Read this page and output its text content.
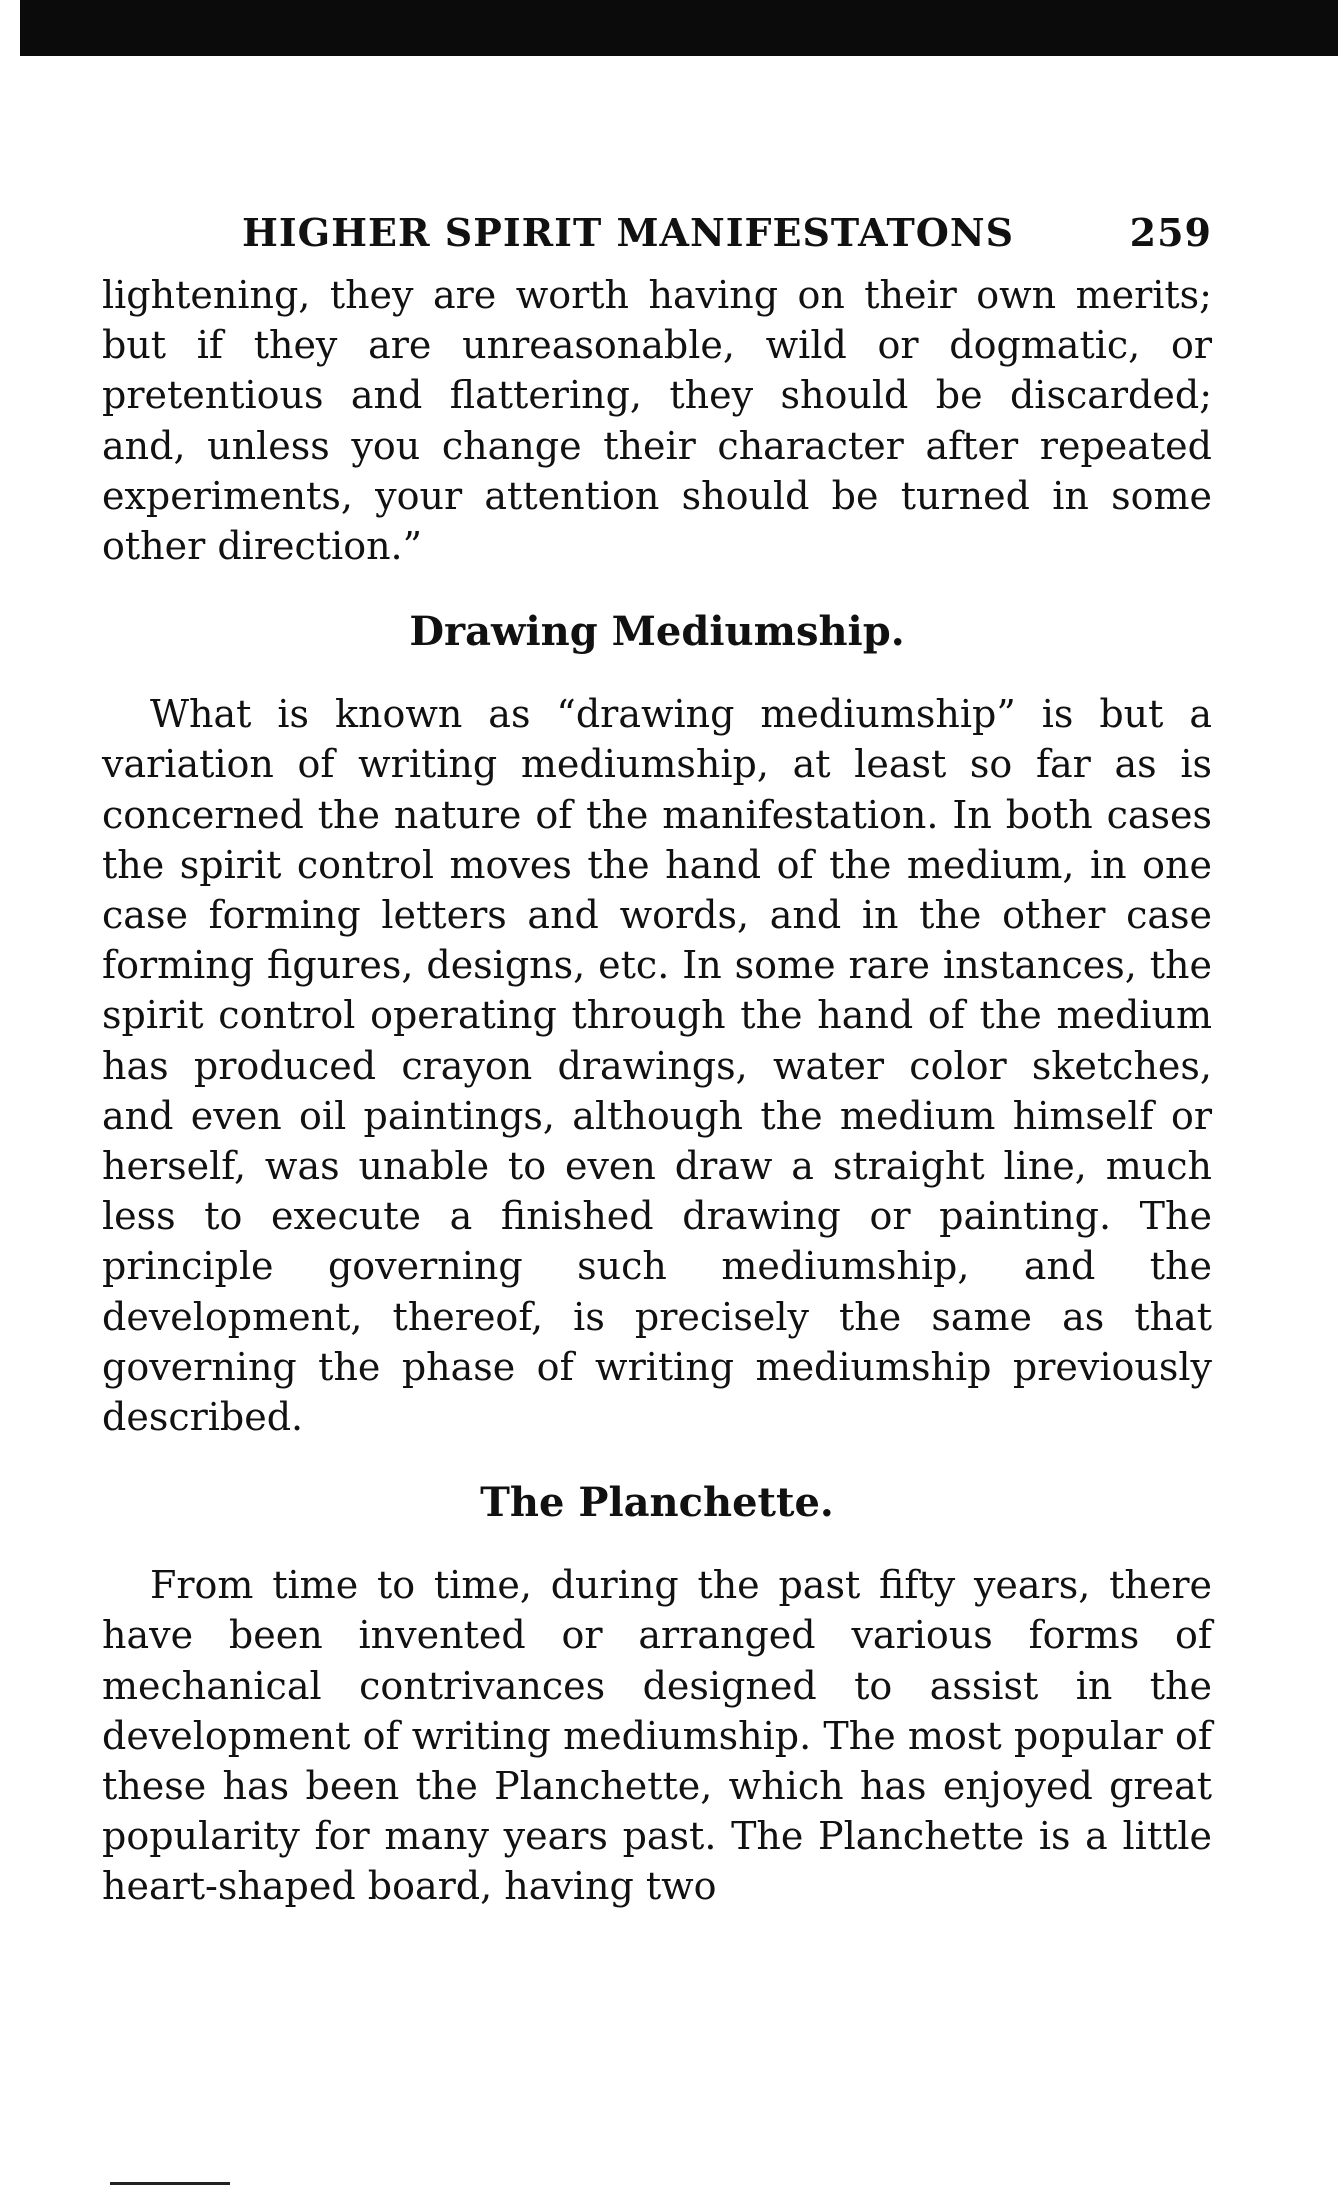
HIGHER SPIRIT MANIFESTATONS	259

lightening, they are worth having on their own merits; but if they are unreasonable, wild or dogmatic, or pretentious and flattering, they should be discarded; and, unless you change their character after repeated experiments, your attention should be turned in some other direction.”

Drawing Mediumship.

What is known as “drawing mediumship” is but a variation of writing mediumship, at least so far as is concerned the nature of the manifestation. In both cases the spirit control moves the hand of the medium, in one case forming letters and words, and in the other case forming figures, designs, etc. In some rare instances, the spirit control operating through the hand of the medium has produced crayon drawings, water color sketches, and even oil paintings, although the medium himself or herself, was unable to even draw a straight line, much less to execute a finished drawing or painting. The principle governing such mediumship, and the development, thereof, is precisely the same as that governing the phase of writing mediumship previously described.

The Planchette.

From time to time, during the past fifty years, there have been invented or arranged various forms of mechanical contrivances designed to assist in the development of writing mediumship. The most popular of these has been the Planchette, which has enjoyed great popularity for many years past. The Planchette is a little heart-shaped board, having two
